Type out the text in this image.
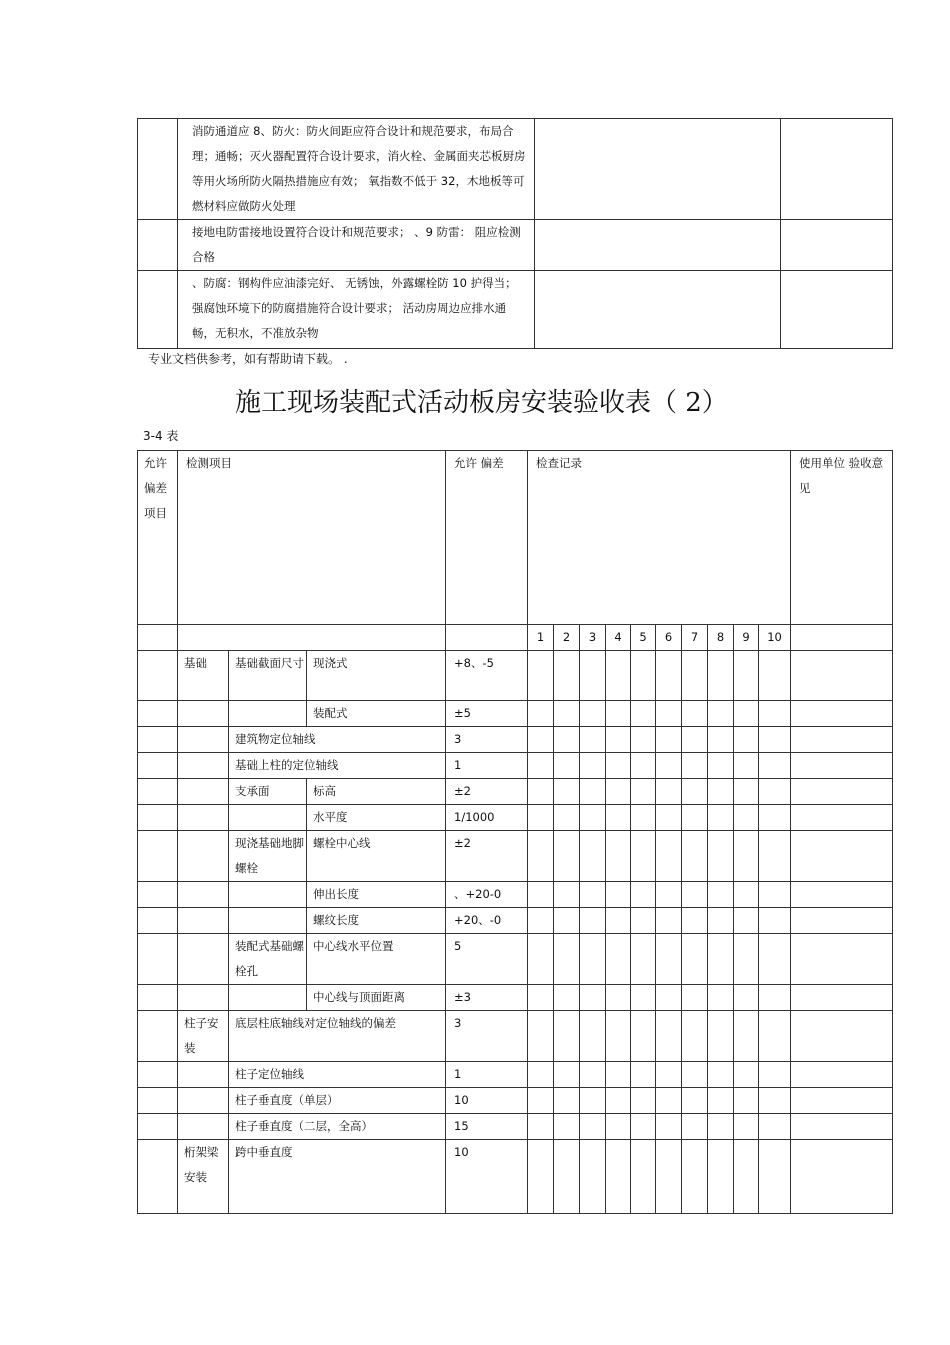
	消防通道应 8、防火：防火间距应符合设计和规范要求，布局合理；通畅；灭火器配置符合设计要求，消火栓、金属面夹芯板厨房等用火场所防火隔热措施应有效； 氧指数不低于 32，木地板等可燃材料应做防火处理		
	接地电防雷接地设置符合设计和规范要求； 、9 防雷： 阻应检测合格		
	、防腐：钢构件应油漆完好、 无锈蚀，外露螺栓防 10 护得当；强腐蚀环境下的防腐措施符合设计要求； 活动房周边应排水通畅，无积水，不准放杂物		
专业文档供参考，如有帮助请下载。 .
施工现场装配式活动板房安装验收表（ 2）
3-4 表
允许偏差项目	检测项目			允许 偏差	检查记录										使用单位 验收意见
					1	2	3	4	5	6	7	8	9	10	
	基础	基础截面尺寸	现浇式	+8、-5											
			装配式	±5											
		建筑物定位轴线		3											
		基础上柱的定位轴线		1											
		支承面	标高	±2											
			水平度	1/1000											
		现浇基础地脚螺栓	螺栓中心线	±2											
			伸出长度	、+20-0											
			螺纹长度	+20、-0											
		装配式基础螺栓孔	中心线水平位置	5											
			中心线与顶面距离	±3											
	柱子安装	底层柱底轴线对定位轴线的偏差		3											
		柱子定位轴线		1											
		柱子垂直度（单层）		10											
		柱子垂直度（二层，全高）		15											
	桁架梁安装	跨中垂直度		10											
